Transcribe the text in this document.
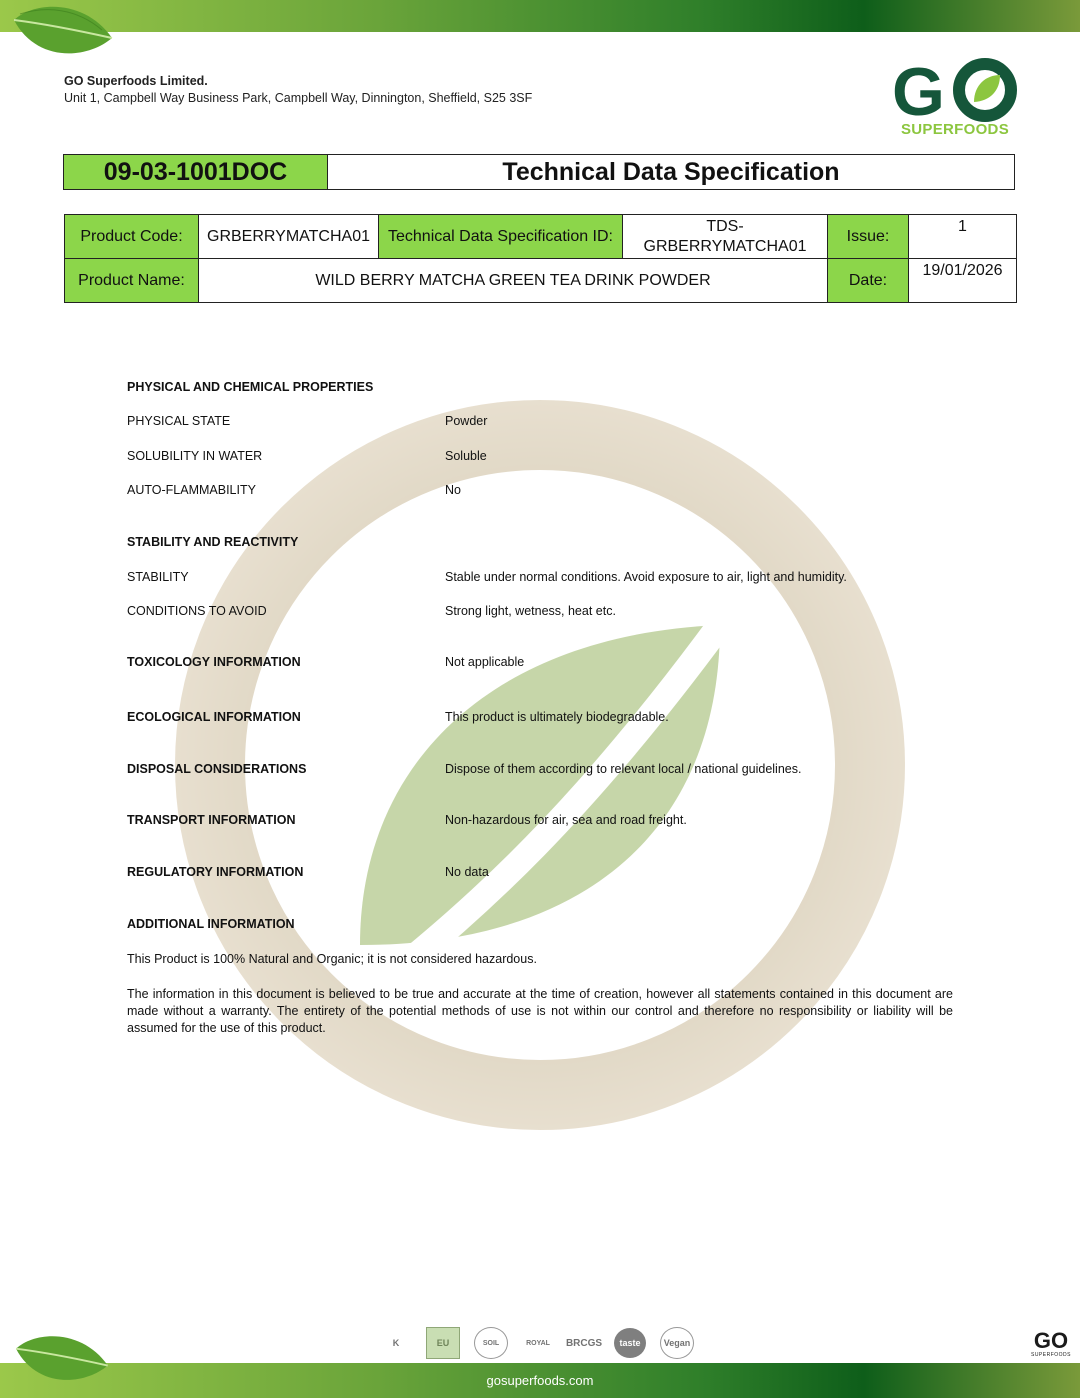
GO Superfoods Limited.
Unit 1, Campbell Way Business Park, Campbell Way, Dinnington, Sheffield, S25 3SF	G
SUPERFOODS
09-03-1001DOC	Technical Data Specification
Product Code:	GRBERRYMATCHA01	Technical Data Specification ID:	TDS-GRBERRYMATCHA01	Issue:	1
Product Name:	WILD BERRY MATCHA GREEN TEA DRINK POWDER			Date:	19/01/2026
PHYSICAL AND CHEMICAL PROPERTIES
PHYSICAL STATE	Powder
SOLUBILITY IN WATER	Soluble
AUTO-FLAMMABILITY	No
STABILITY AND REACTIVITY
STABILITY	Stable under normal conditions. Avoid exposure to air, light and humidity.
CONDITIONS TO AVOID	Strong light, wetness, heat etc.
TOXICOLOGY INFORMATION	Not applicable
ECOLOGICAL INFORMATION	This product is ultimately biodegradable.
DISPOSAL CONSIDERATIONS	Dispose of them according to relevant local / national guidelines.
TRANSPORT INFORMATION	Non-hazardous for air, sea and road freight.
REGULATORY INFORMATION	No data
ADDITIONAL INFORMATION
This Product is 100% Natural and Organic; it is not considered hazardous.
The information in this document is believed to be true and accurate at the time of creation, however all statements contained in this document are made without a warranty. The entirety of the potential methods of use is not within our control and therefore no responsibility or liability will be assumed for the use of this product.
K	EU	SOIL	ROYAL	BRCGS	taste	Vegan	GO
SUPERFOODS
gosuperfoods.com
